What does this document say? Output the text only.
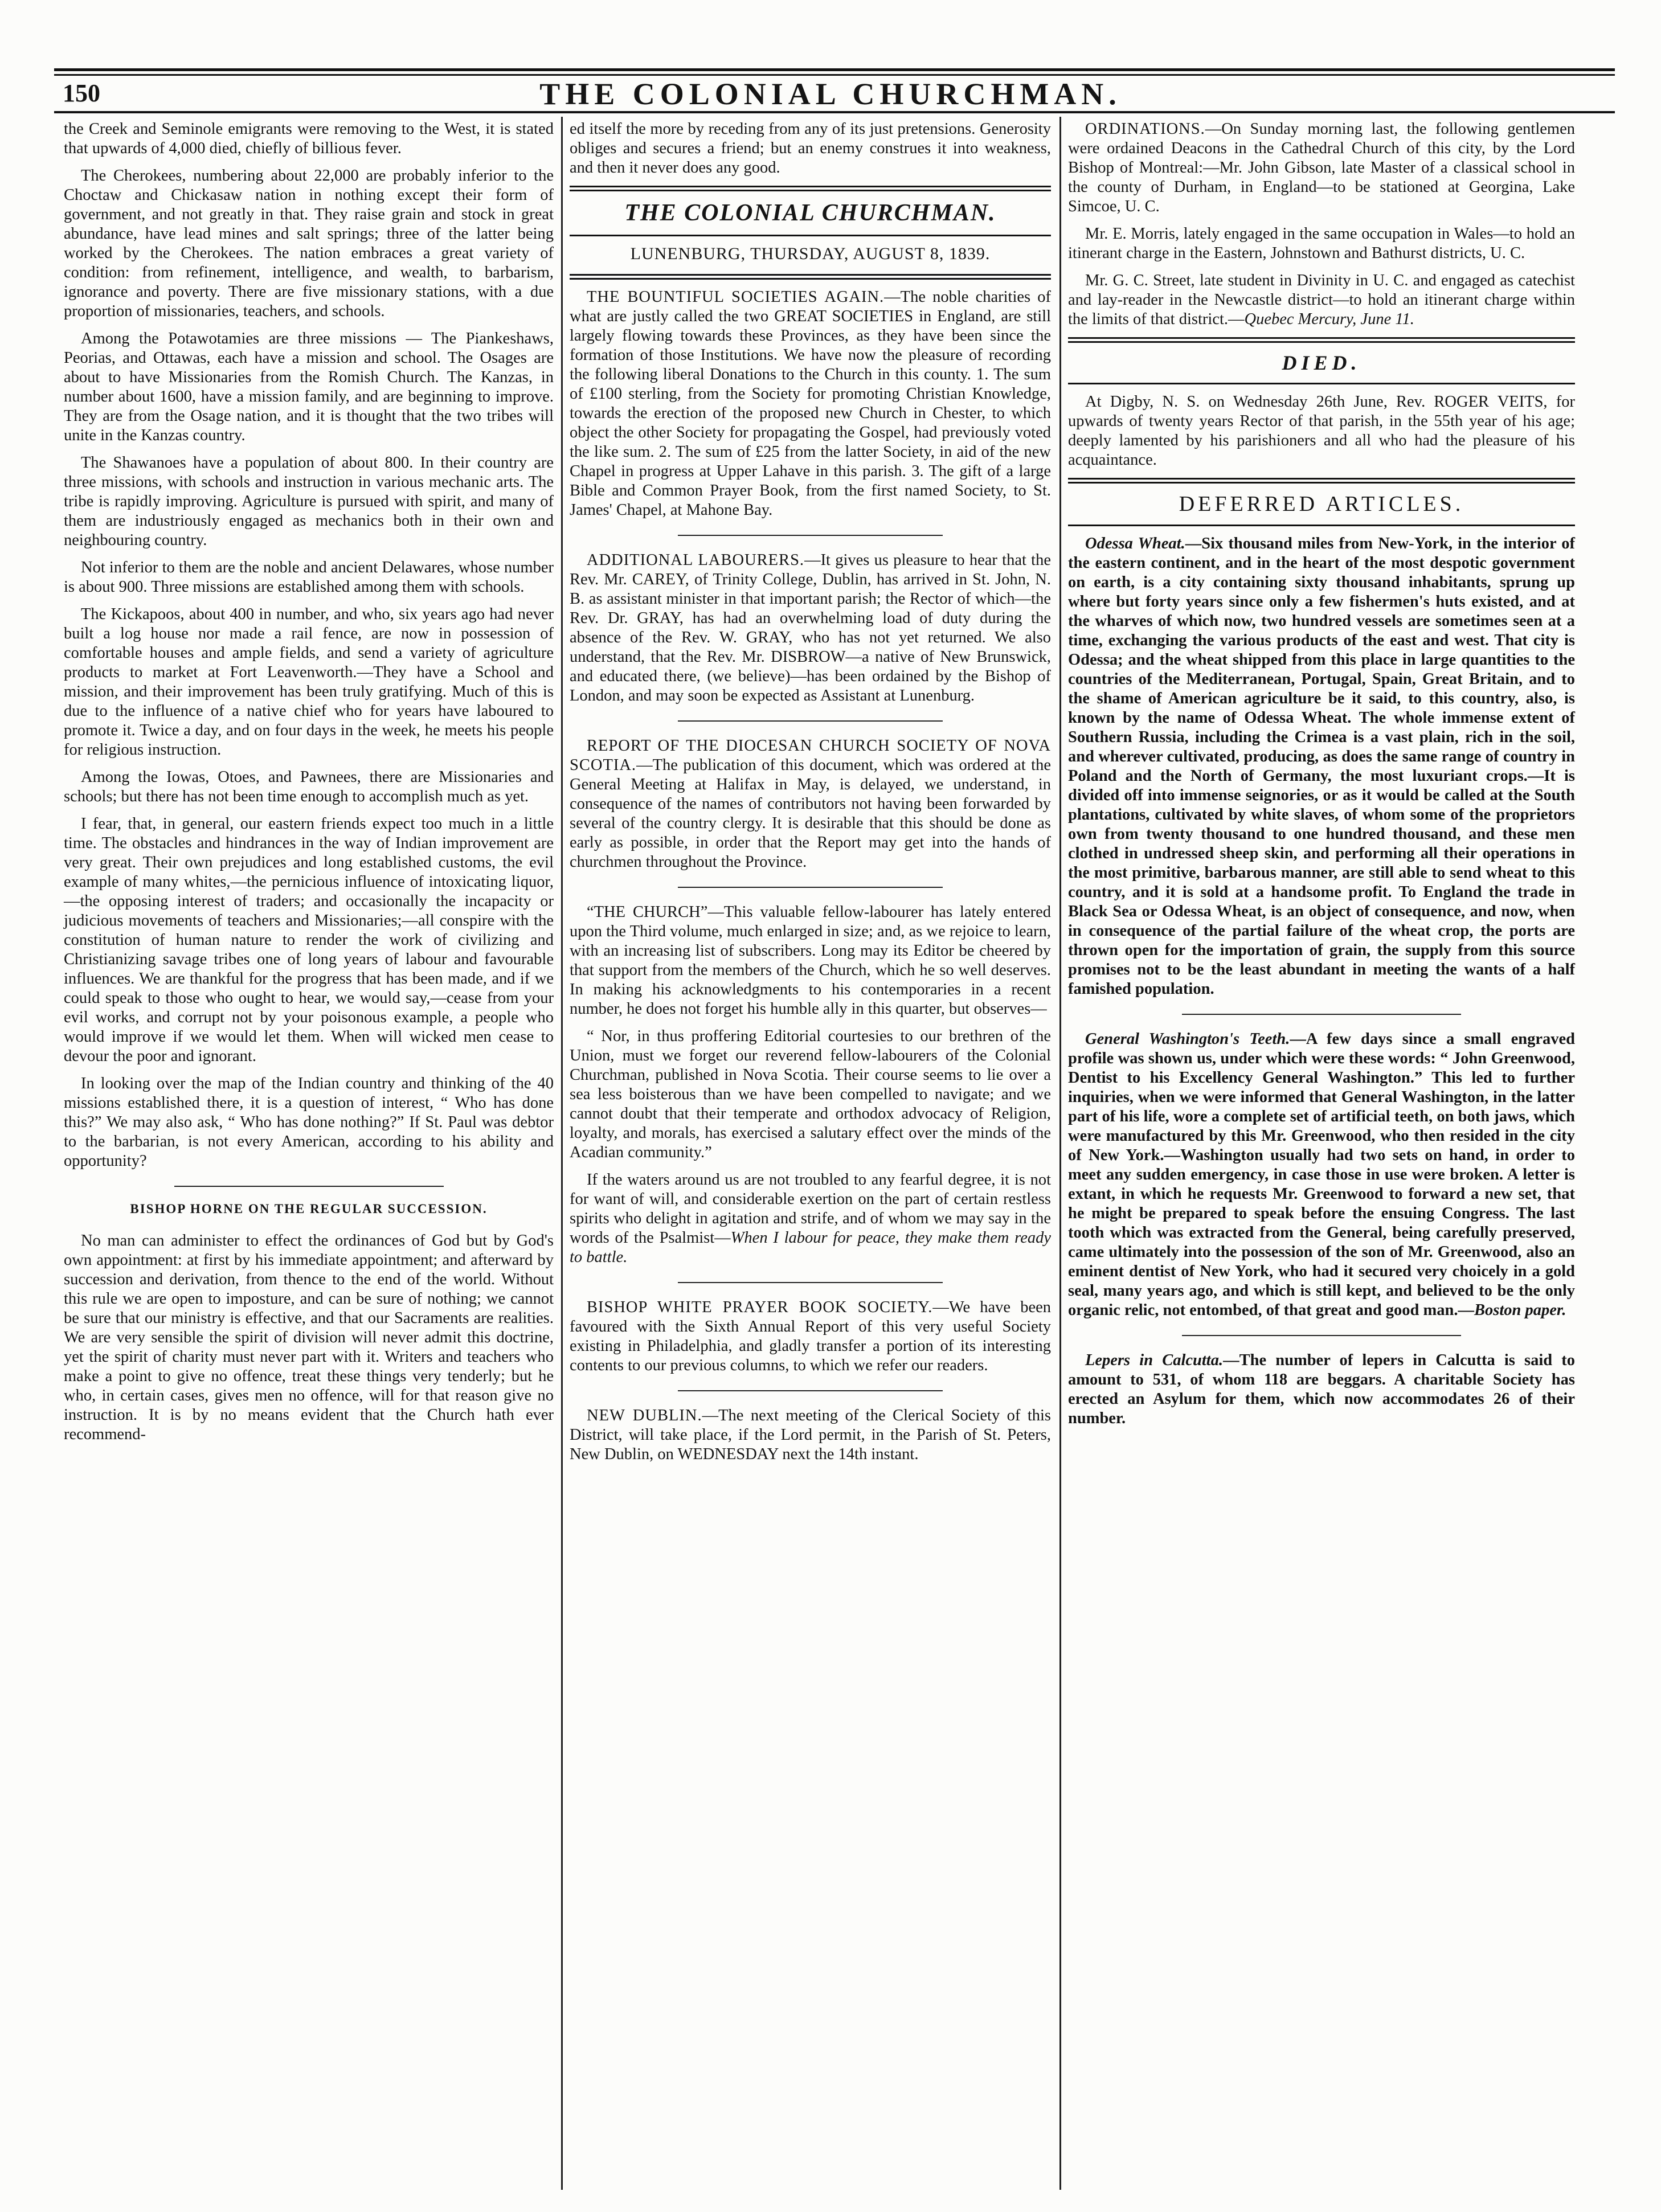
150	THE COLONIAL CHURCHMAN.

the Creek and Seminole emigrants were removing to the West, it is stated that upwards of 4,000 died, chiefly of billious fever.

The Cherokees, numbering about 22,000 are probably inferior to the Choctaw and Chickasaw nation in nothing except their form of government, and not greatly in that. They raise grain and stock in great abundance, have lead mines and salt springs; three of the latter being worked by the Cherokees. The nation embraces a great variety of condition: from refinement, intelligence, and wealth, to barbarism, ignorance and poverty. There are five missionary stations, with a due proportion of missionaries, teachers, and schools.

Among the Potawotamies are three missions — The Piankeshaws, Peorias, and Ottawas, each have a mission and school. The Osages are about to have Missionaries from the Romish Church. The Kanzas, in number about 1600, have a mission family, and are beginning to improve. They are from the Osage nation, and it is thought that the two tribes will unite in the Kanzas country.

The Shawanoes have a population of about 800. In their country are three missions, with schools and instruction in various mechanic arts. The tribe is rapidly improving. Agriculture is pursued with spirit, and many of them are industriously engaged as mechanics both in their own and neighbouring country.

Not inferior to them are the noble and ancient Delawares, whose number is about 900. Three missions are established among them with schools.

The Kickapoos, about 400 in number, and who, six years ago had never built a log house nor made a rail fence, are now in possession of comfortable houses and ample fields, and send a variety of agriculture products to market at Fort Leavenworth.—They have a School and mission, and their improvement has been truly gratifying. Much of this is due to the influence of a native chief who for years have laboured to promote it. Twice a day, and on four days in the week, he meets his people for religious instruction.

Among the Iowas, Otoes, and Pawnees, there are Missionaries and schools; but there has not been time enough to accomplish much as yet.

I fear, that, in general, our eastern friends expect too much in a little time. The obstacles and hindrances in the way of Indian improvement are very great. Their own prejudices and long established customs, the evil example of many whites,—the pernicious influence of intoxicating liquor,—the opposing interest of traders; and occasionally the incapacity or judicious movements of teachers and Missionaries;—all conspire with the constitution of human nature to render the work of civilizing and Christianizing savage tribes one of long years of labour and favourable influences. We are thankful for the progress that has been made, and if we could speak to those who ought to hear, we would say,—cease from your evil works, and corrupt not by your poisonous example, a people who would improve if we would let them. When will wicked men cease to devour the poor and ignorant.

In looking over the map of the Indian country and thinking of the 40 missions established there, it is a question of interest, “ Who has done this?” We may also ask, “ Who has done nothing?” If St. Paul was debtor to the barbarian, is not every American, according to his ability and opportunity?

BISHOP HORNE ON THE REGULAR SUCCESSION.

No man can administer to effect the ordinances of God but by God's own appointment: at first by his immediate appointment; and afterward by succession and derivation, from thence to the end of the world. Without this rule we are open to imposture, and can be sure of nothing; we cannot be sure that our ministry is effective, and that our Sacraments are realities. We are very sensible the spirit of division will never admit this doctrine, yet the spirit of charity must never part with it. Writers and teachers who make a point to give no offence, treat these things very tenderly; but he who, in certain cases, gives men no offence, will for that reason give no instruction. It is by no means evident that the Church hath ever recommend-

ed itself the more by receding from any of its just pretensions. Generosity obliges and secures a friend; but an enemy construes it into weakness, and then it never does any good.

THE COLONIAL CHURCHMAN.
LUNENBURG, THURSDAY, AUGUST 8, 1839.

THE BOUNTIFUL SOCIETIES AGAIN.—The noble charities of what are justly called the two GREAT SOCIETIES in England, are still largely flowing towards these Provinces, as they have been since the formation of those Institutions. We have now the pleasure of recording the following liberal Donations to the Church in this county. 1. The sum of £100 sterling, from the Society for promoting Christian Knowledge, towards the erection of the proposed new Church in Chester, to which object the other Society for propagating the Gospel, had previously voted the like sum. 2. The sum of £25 from the latter Society, in aid of the new Chapel in progress at Upper Lahave in this parish. 3. The gift of a large Bible and Common Prayer Book, from the first named Society, to St. James' Chapel, at Mahone Bay.

ADDITIONAL LABOURERS.—It gives us pleasure to hear that the Rev. Mr. CAREY, of Trinity College, Dublin, has arrived in St. John, N. B. as assistant minister in that important parish; the Rector of which—the Rev. Dr. GRAY, has had an overwhelming load of duty during the absence of the Rev. W. GRAY, who has not yet returned. We also understand, that the Rev. Mr. DISBROW—a native of New Brunswick, and educated there, (we believe)—has been ordained by the Bishop of London, and may soon be expected as Assistant at Lunenburg.

REPORT OF THE DIOCESAN CHURCH SOCIETY OF NOVA SCOTIA.—The publication of this document, which was ordered at the General Meeting at Halifax in May, is delayed, we understand, in consequence of the names of contributors not having been forwarded by several of the country clergy. It is desirable that this should be done as early as possible, in order that the Report may get into the hands of churchmen throughout the Province.

“THE CHURCH”—This valuable fellow-labourer has lately entered upon the Third volume, much enlarged in size; and, as we rejoice to learn, with an increasing list of subscribers. Long may its Editor be cheered by that support from the members of the Church, which he so well deserves. In making his acknowledgments to his contemporaries in a recent number, he does not forget his humble ally in this quarter, but observes—

“ Nor, in thus proffering Editorial courtesies to our brethren of the Union, must we forget our reverend fellow-labourers of the Colonial Churchman, published in Nova Scotia. Their course seems to lie over a sea less boisterous than we have been compelled to navigate; and we cannot doubt that their temperate and orthodox advocacy of Religion, loyalty, and morals, has exercised a salutary effect over the minds of the Acadian community.”

If the waters around us are not troubled to any fearful degree, it is not for want of will, and considerable exertion on the part of certain restless spirits who delight in agitation and strife, and of whom we may say in the words of the Psalmist—When I labour for peace, they make them ready to battle.

BISHOP WHITE PRAYER BOOK SOCIETY.—We have been favoured with the Sixth Annual Report of this very useful Society existing in Philadelphia, and gladly transfer a portion of its interesting contents to our previous columns, to which we refer our readers.

NEW DUBLIN.—The next meeting of the Clerical Society of this District, will take place, if the Lord permit, in the Parish of St. Peters, New Dublin, on WEDNESDAY next the 14th instant.

ORDINATIONS.—On Sunday morning last, the following gentlemen were ordained Deacons in the Cathedral Church of this city, by the Lord Bishop of Montreal:—Mr. John Gibson, late Master of a classical school in the county of Durham, in England—to be stationed at Georgina, Lake Simcoe, U. C.

Mr. E. Morris, lately engaged in the same occupation in Wales—to hold an itinerant charge in the Eastern, Johnstown and Bathurst districts, U. C.

Mr. G. C. Street, late student in Divinity in U. C. and engaged as catechist and lay-reader in the Newcastle district—to hold an itinerant charge within the limits of that district.—Quebec Mercury, June 11.

DIED.

At Digby, N. S. on Wednesday 26th June, Rev. ROGER VEITS, for upwards of twenty years Rector of that parish, in the 55th year of his age; deeply lamented by his parishioners and all who had the pleasure of his acquaintance.

DEFERRED ARTICLES.

Odessa Wheat.—Six thousand miles from New-York, in the interior of the eastern continent, and in the heart of the most despotic government on earth, is a city containing sixty thousand inhabitants, sprung up where but forty years since only a few fishermen's huts existed, and at the wharves of which now, two hundred vessels are sometimes seen at a time, exchanging the various products of the east and west. That city is Odessa; and the wheat shipped from this place in large quantities to the countries of the Mediterranean, Portugal, Spain, Great Britain, and to the shame of American agriculture be it said, to this country, also, is known by the name of Odessa Wheat. The whole immense extent of Southern Russia, including the Crimea is a vast plain, rich in the soil, and wherever cultivated, producing, as does the same range of country in Poland and the North of Germany, the most luxuriant crops.—It is divided off into immense seignories, or as it would be called at the South plantations, cultivated by white slaves, of whom some of the proprietors own from twenty thousand to one hundred thousand, and these men clothed in undressed sheep skin, and performing all their operations in the most primitive, barbarous manner, are still able to send wheat to this country, and it is sold at a handsome profit. To England the trade in Black Sea or Odessa Wheat, is an object of consequence, and now, when in consequence of the partial failure of the wheat crop, the ports are thrown open for the importation of grain, the supply from this source promises not to be the least abundant in meeting the wants of a half famished population.

General Washington's Teeth.—A few days since a small engraved profile was shown us, under which were these words: “ John Greenwood, Dentist to his Excellency General Washington.” This led to further inquiries, when we were informed that General Washington, in the latter part of his life, wore a complete set of artificial teeth, on both jaws, which were manufactured by this Mr. Greenwood, who then resided in the city of New York.—Washington usually had two sets on hand, in order to meet any sudden emergency, in case those in use were broken. A letter is extant, in which he requests Mr. Greenwood to forward a new set, that he might be prepared to speak before the ensuing Congress. The last tooth which was extracted from the General, being carefully preserved, came ultimately into the possession of the son of Mr. Greenwood, also an eminent dentist of New York, who had it secured very choicely in a gold seal, many years ago, and which is still kept, and believed to be the only organic relic, not entombed, of that great and good man.—Boston paper.

Lepers in Calcutta.—The number of lepers in Calcutta is said to amount to 531, of whom 118 are beggars. A charitable Society has erected an Asylum for them, which now accommodates 26 of their number.
